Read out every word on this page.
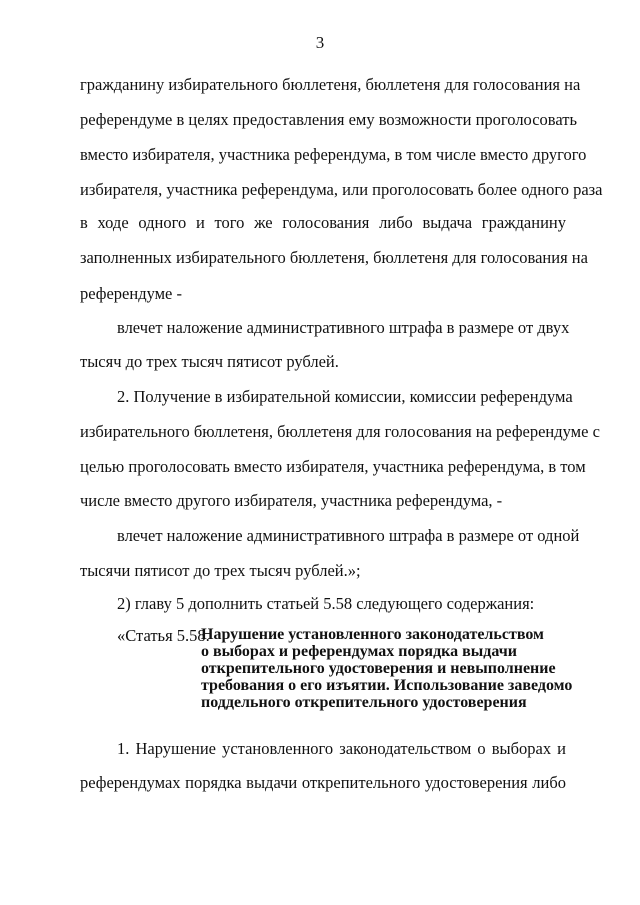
3
гражданину избирательного бюллетеня, бюллетеня для голосования на
референдуме в целях предоставления ему возможности проголосовать
вместо избирателя, участника референдума, в том числе вместо другого
избирателя, участника референдума, или проголосовать более одного раза
в ходе одного и того же голосования либо выдача гражданину
заполненных избирательного бюллетеня, бюллетеня для голосования на
референдуме -
влечет наложение административного штрафа в размере от двух
тысяч до трех тысяч пятисот рублей.
2. Получение в избирательной комиссии, комиссии референдума
избирательного бюллетеня, бюллетеня для голосования на референдуме с
целью проголосовать вместо избирателя, участника референдума, в том
числе вместо другого избирателя, участника референдума, -
влечет наложение административного штрафа в размере от одной
тысячи пятисот до трех тысяч рублей.»;
2) главу 5 дополнить статьей 5.58 следующего содержания:
«Статья 5.58.
Нарушение установленного законодательством
о выборах и референдумах порядка выдачи
открепительного удостоверения и невыполнение
требования о его изъятии. Использование заведомо
поддельного открепительного удостоверения
1. Нарушение установленного законодательством о выборах и
референдумах порядка выдачи открепительного удостоверения либо
